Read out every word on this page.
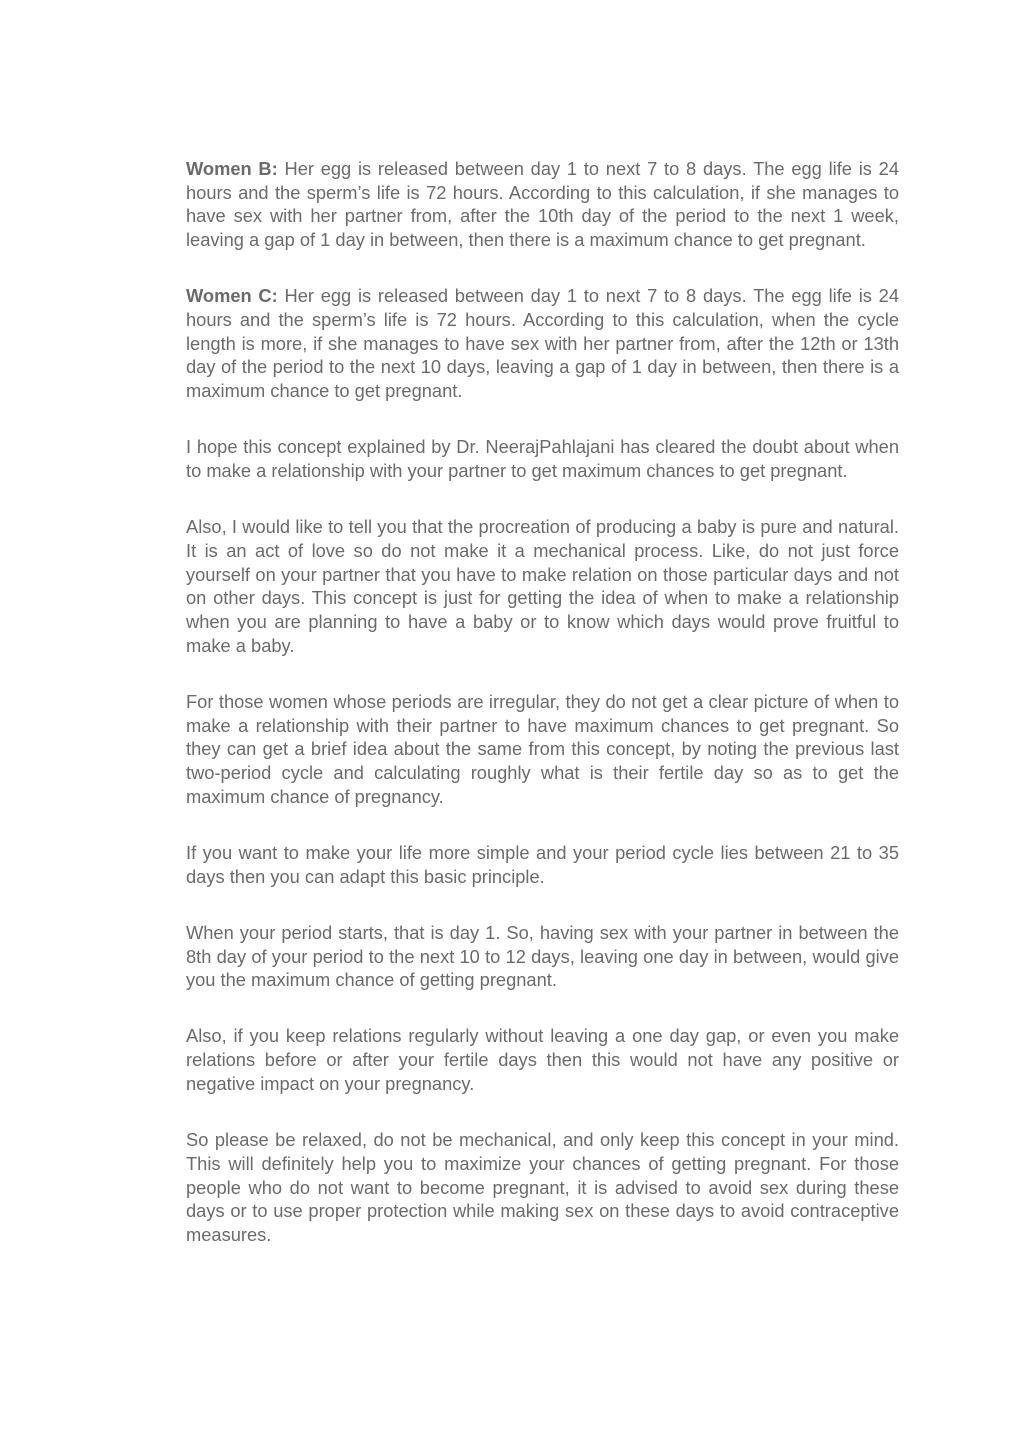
Women B: Her egg is released between day 1 to next 7 to 8 days. The egg life is 24 hours and the sperm’s life is 72 hours. According to this calculation, if she manages to have sex with her partner from, after the 10th day of the period to the next 1 week, leaving a gap of 1 day in between, then there is a maximum chance to get pregnant.

Women C: Her egg is released between day 1 to next 7 to 8 days. The egg life is 24 hours and the sperm’s life is 72 hours. According to this calculation, when the cycle length is more, if she manages to have sex with her partner from, after the 12th or 13th day of the period to the next 10 days, leaving a gap of 1 day in between, then there is a maximum chance to get pregnant.

I hope this concept explained by Dr. NeerajPahlajani has cleared the doubt about when to make a relationship with your partner to get maximum chances to get pregnant.

Also, I would like to tell you that the procreation of producing a baby is pure and natural. It is an act of love so do not make it a mechanical process. Like, do not just force yourself on your partner that you have to make relation on those particular days and not on other days. This concept is just for getting the idea of when to make a relationship when you are planning to have a baby or to know which days would prove fruitful to make a baby.

For those women whose periods are irregular, they do not get a clear picture of when to make a relationship with their partner to have maximum chances to get pregnant. So they can get a brief idea about the same from this concept, by noting the previous last two-period cycle and calculating roughly what is their fertile day so as to get the maximum chance of pregnancy.

If you want to make your life more simple and your period cycle lies between 21 to 35 days then you can adapt this basic principle.

When your period starts, that is day 1. So, having sex with your partner in between the 8th day of your period to the next 10 to 12 days, leaving one day in between, would give you the maximum chance of getting pregnant.

Also, if you keep relations regularly without leaving a one day gap, or even you make relations before or after your fertile days then this would not have any positive or negative impact on your pregnancy.

So please be relaxed, do not be mechanical, and only keep this concept in your mind. This will definitely help you to maximize your chances of getting pregnant. For those people who do not want to become pregnant, it is advised to avoid sex during these days or to use proper protection while making sex on these days to avoid contraceptive measures.
